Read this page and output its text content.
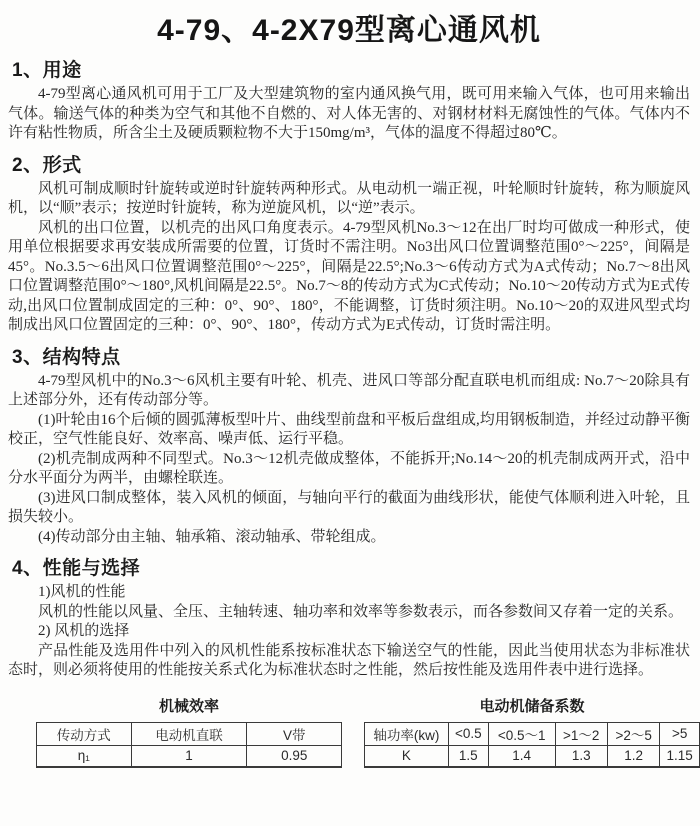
4-79、4-2X79型离心通风机
1、用途

4-79型离心通风机可用于工厂及大型建筑物的室内通风换气用，既可用来输入气体，也可用来输出气体。输送气体的种类为空气和其他不自燃的、对人体无害的、对钢材材料无腐蚀性的气体。气体内不许有粘性物质，所含尘土及硬质颗粒物不大于150mg/m³，气体的温度不得超过80℃。

2、形式

风机可制成顺时针旋转或逆时针旋转两种形式。从电动机一端正视，叶轮顺时针旋转，称为顺旋风机，以“顺”表示；按逆时针旋转，称为逆旋风机，以“逆”表示。

风机的出口位置，以机壳的出风口角度表示。4-79型风机No.3～12在出厂时均可做成一种形式，使用单位根据要求再安装成所需要的位置，订货时不需注明。No3出风口位置调整范围0°～225°，间隔是45°。No.3.5～6出风口位置调整范围0°～225°，间隔是22.5°;No.3～6传动方式为A式传动；No.7～8出风口位置调整范围0°～180°,风机间隔是22.5°。No.7～8的传动方式为C式传动；No.10～20传动方式为E式传动,出风口位置制成固定的三种：0°、90°、180°，不能调整，订货时须注明。No.10～20的双进风型式均制成出风口位置固定的三种：0°、90°、180°，传动方式为E式传动，订货时需注明。

3、结构特点

4-79型风机中的No.3～6风机主要有叶轮、机壳、进风口等部分配直联电机而组成: No.7～20除具有上述部分外，还有传动部分等。

(1)叶轮由16个后倾的圆弧薄板型叶片、曲线型前盘和平板后盘组成,均用钢板制造，并经过动静平衡校正，空气性能良好、效率高、噪声低、运行平稳。

(2)机壳制成两种不同型式。No.3～12机壳做成整体，不能拆开;No.14～20的机壳制成两开式，沿中分水平面分为两半，由螺栓联连。

(3)进风口制成整体，装入风机的倾面，与轴向平行的截面为曲线形状，能使气体顺利进入叶轮，且损失较小。

(4)传动部分由主轴、轴承箱、滚动轴承、带轮组成。

4、性能与选择

1)风机的性能

风机的性能以风量、全压、主轴转速、轴功率和效率等参数表示，而各参数间又存着一定的关系。

2) 风机的选择

产品性能及选用件中列入的风机性能系按标准状态下输送空气的性能，因此当使用状态为非标准状态时，则必须将使用的性能按关系式化为标准状态时之性能，然后按性能及选用件表中进行选择。

机械效率
传动方式	电动机直联	V带
η₁	1	0.95
电动机储备系数
轴功率(kw)	<0.5	<0.5～1	>1～2	>2～5	>5
K	1.5	1.4	1.3	1.2	1.15
